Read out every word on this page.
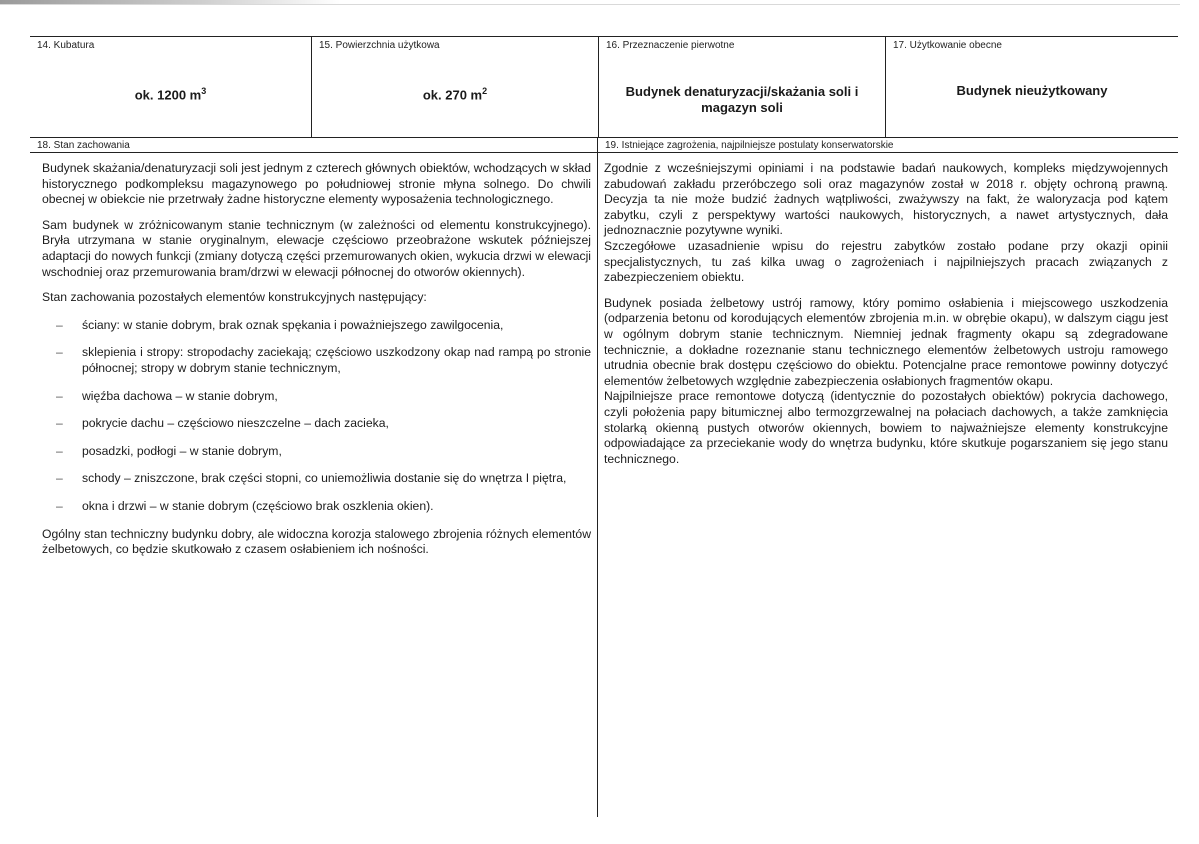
14. Kubatura
ok. 1200 $m^3$
15. Powierzchnia użytkowa
ok. 270 $m^2$
16. Przeznaczenie pierwotne
Budynek denaturyzacji/skażania soli i magazyn soli
17. Użytkowanie obecne
Budynek nieużytkowany
18. Stan zachowania

Budynek skażania/denaturyzacji soli jest jednym z czterech głównych obiektów, wchodzących w skład historycznego podkompleksu magazynowego po południowej stronie młyna solnego. Do chwili obecnej w obiekcie nie przetrwały żadne historyczne elementy wyposażenia technologicznego.

Sam budynek w zróżnicowanym stanie technicznym (w zależności od elementu konstrukcyjnego). Bryła utrzymana w stanie oryginalnym, elewacje częściowo przeobrażone wskutek późniejszej adaptacji do nowych funkcji (zmiany dotyczą części przemurowanych okien, wykucia drzwi w elewacji wschodniej oraz przemurowania bram/drzwi w elewacji północnej do otworów okiennych).

Stan zachowania pozostałych elementów konstrukcyjnych następujący:

– ściany: w stanie dobrym, brak oznak spękania i poważniejszego zawilgocenia,
– sklepienia i stropy: stropodachy zaciekają; częściowo uszkodzony okap nad rampą po stronie północnej; stropy w dobrym stanie technicznym,
– więźba dachowa – w stanie dobrym,
– pokrycie dachu – częściowo nieszczelne – dach zacieka,
– posadzki, podłogi – w stanie dobrym,
– schody – zniszczone, brak części stopni, co uniemożliwia dostanie się do wnętrza I piętra,
– okna i drzwi – w stanie dobrym (częściowo brak oszklenia okien).

Ogólny stan techniczny budynku dobry, ale widoczna korozja stalowego zbrojenia różnych elementów żelbetowych, co będzie skutkowało z czasem osłabieniem ich nośności.

19. Istniejące zagrożenia, najpilniejsze postulaty konserwatorskie

Zgodnie z wcześniejszymi opiniami i na podstawie badań naukowych, kompleks międzywojennych zabudowań zakładu przeróbczego soli oraz magazynów został w 2018 r. objęty ochroną prawną. Decyzja ta nie może budzić żadnych wątpliwości, zważywszy na fakt, że waloryzacja pod kątem zabytku, czyli z perspektywy wartości naukowych, historycznych, a nawet artystycznych, dała jednoznacznie pozytywne wyniki.

Szczegółowe uzasadnienie wpisu do rejestru zabytków zostało podane przy okazji opinii specjalistycznych, tu zaś kilka uwag o zagrożeniach i najpilniejszych pracach związanych z zabezpieczeniem obiektu.

Budynek posiada żelbetowy ustrój ramowy, który pomimo osłabienia i miejscowego uszkodzenia (odparzenia betonu od korodujących elementów zbrojenia m.in. w obrębie okapu), w dalszym ciągu jest w ogólnym dobrym stanie technicznym. Niemniej jednak fragmenty okapu są zdegradowane technicznie, a dokładne rozeznanie stanu technicznego elementów żelbetowych ustroju ramowego utrudnia obecnie brak dostępu częściowo do obiektu. Potencjalne prace remontowe powinny dotyczyć elementów żelbetowych względnie zabezpieczenia osłabionych fragmentów okapu.

Najpilniejsze prace remontowe dotyczą (identycznie do pozostałych obiektów) pokrycia dachowego, czyli położenia papy bitumicznej albo termozgrzewalnej na połaciach dachowych, a także zamknięcia stolarką okienną pustych otworów okiennych, bowiem to najważniejsze elementy konstrukcyjne odpowiadające za przeciekanie wody do wnętrza budynku, które skutkuje pogarszaniem się jego stanu technicznego.
